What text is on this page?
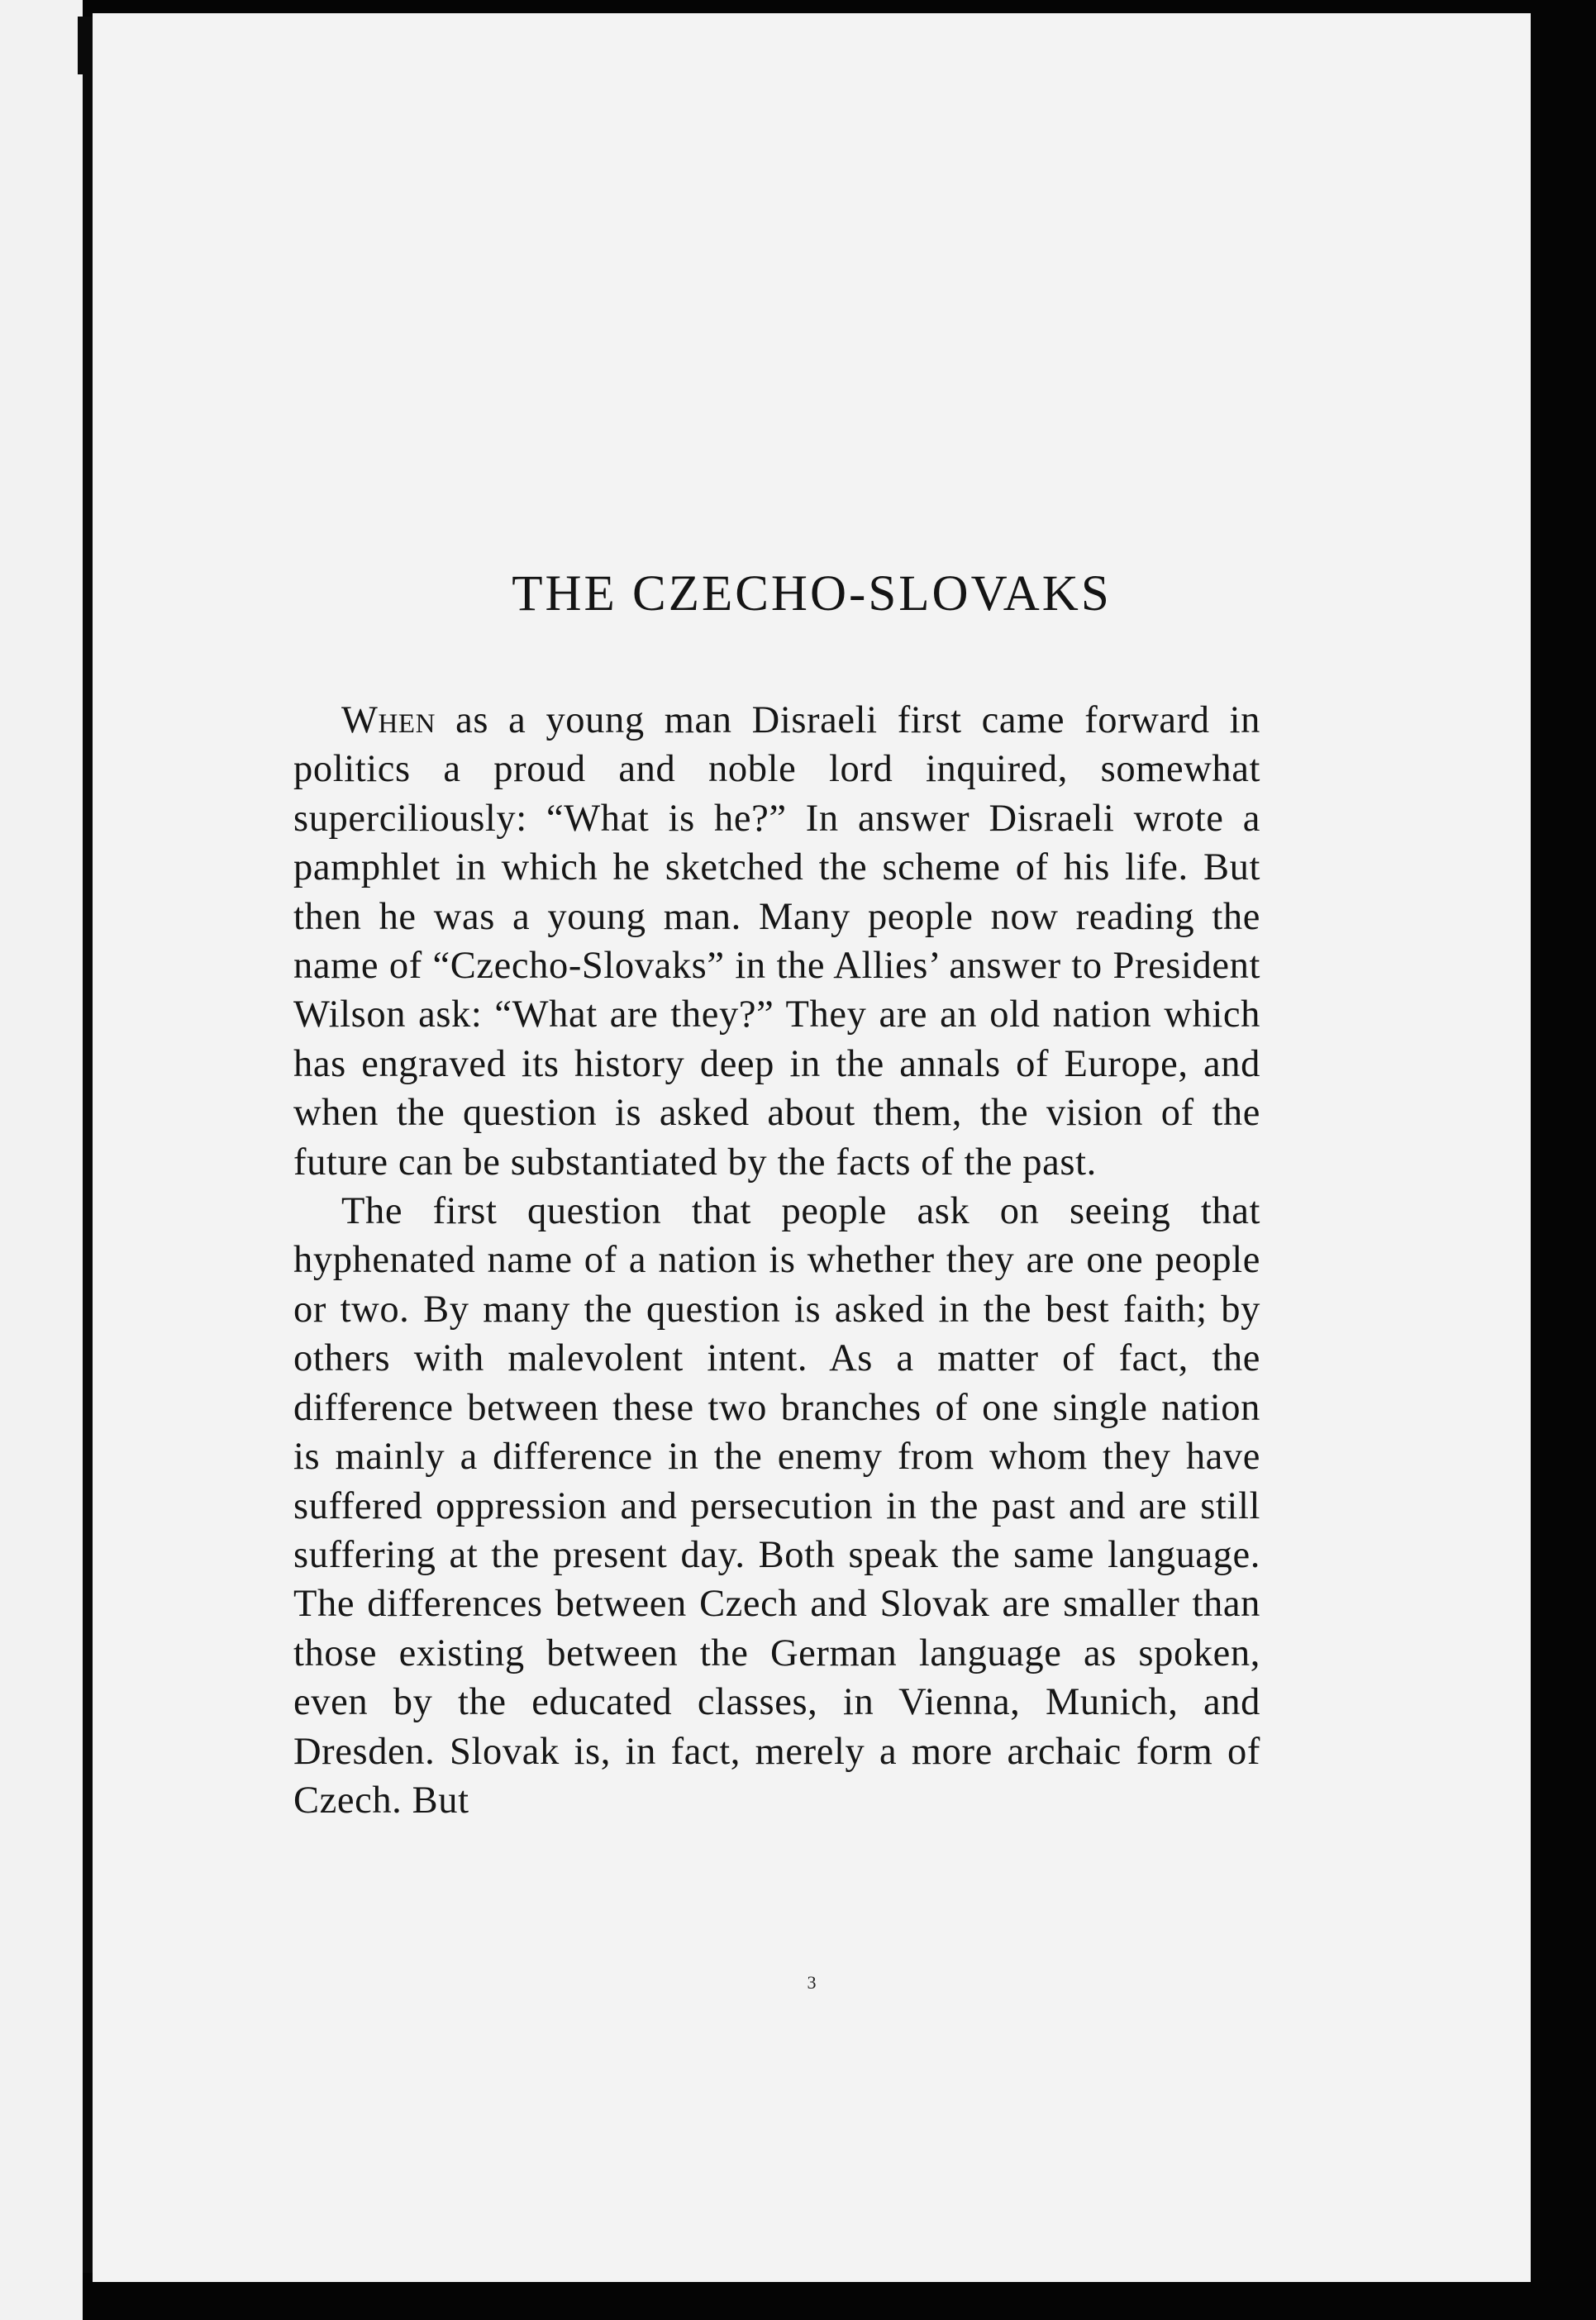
THE CZECHO-SLOVAKS

When as a young man Disraeli first came forward in politics a proud and noble lord inquired, somewhat superciliously: “What is he?” In answer Disraeli wrote a pamphlet in which he sketched the scheme of his life. But then he was a young man. Many people now reading the name of “Czecho-Slovaks” in the Allies’ answer to President Wilson ask: “What are they?” They are an old nation which has engraved its history deep in the annals of Europe, and when the question is asked about them, the vision of the future can be substantiated by the facts of the past.

The first question that people ask on seeing that hyphenated name of a nation is whether they are one people or two. By many the question is asked in the best faith; by others with malevolent intent. As a matter of fact, the difference between these two branches of one single nation is mainly a difference in the enemy from whom they have suffered oppression and persecution in the past and are still suffering at the present day. Both speak the same language. The differences between Czech and Slovak are smaller than those existing between the German language as spoken, even by the educated classes, in Vienna, Munich, and Dresden. Slovak is, in fact, merely a more archaic form of Czech. But

3
